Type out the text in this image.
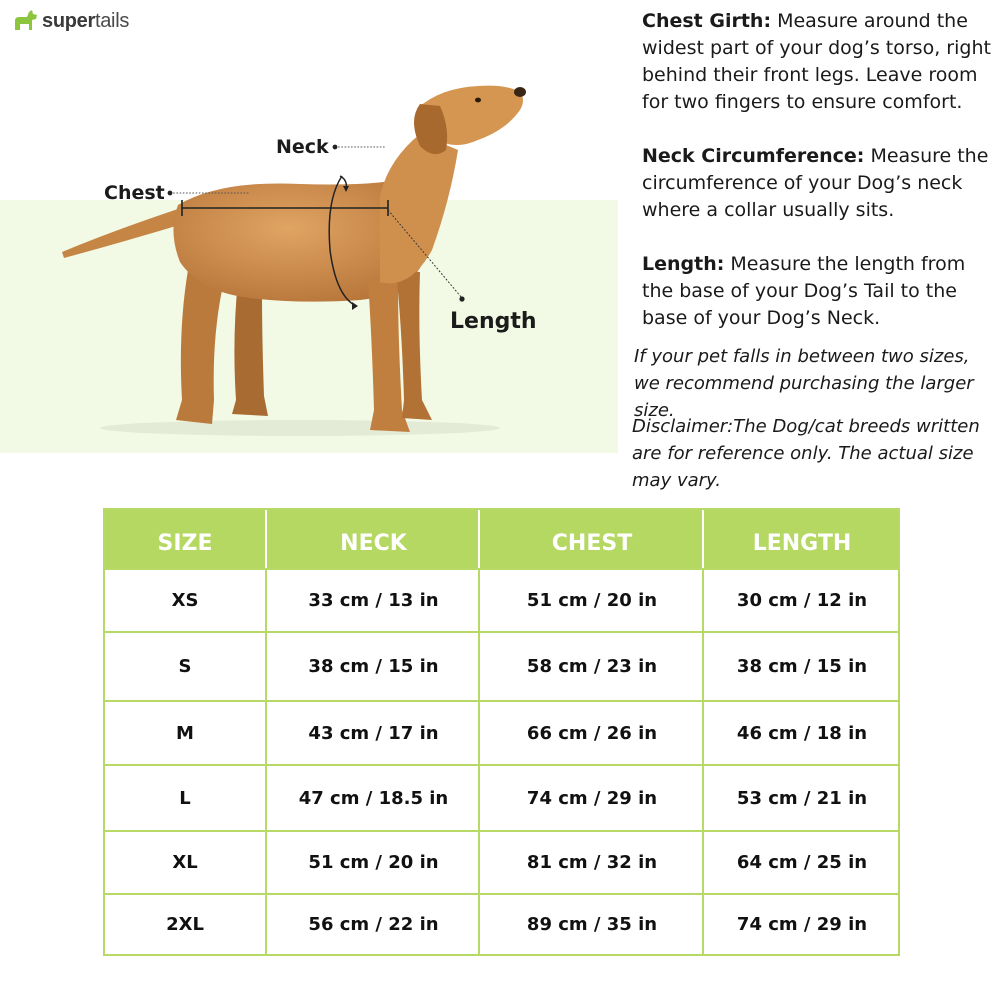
supertails
Neck
Chest
Length
Chest Girth: Measure around the widest part of your dog’s torso, right behind their front legs. Leave room for two fingers to ensure comfort.
Neck Circumference: Measure the circumference of your Dog’s neck where a collar usually sits.
Length: Measure the length from the base of your Dog’s Tail to the base of your Dog’s Neck.
If your pet falls in between two sizes, we recommend purchasing the larger size.
Disclaimer:The Dog/cat breeds written are for reference only. The actual size may vary.
SIZE	NECK	CHEST	LENGTH
XS	33 cm / 13 in	51 cm / 20 in	30 cm / 12 in
S	38 cm / 15 in	58 cm / 23 in	38 cm / 15 in
M	43 cm / 17 in	66 cm / 26 in	46 cm / 18 in
L	47 cm / 18.5 in	74 cm / 29 in	53 cm / 21 in
XL	51 cm / 20 in	81 cm / 32 in	64 cm / 25 in
2XL	56 cm / 22 in	89 cm / 35 in	74 cm / 29 in
